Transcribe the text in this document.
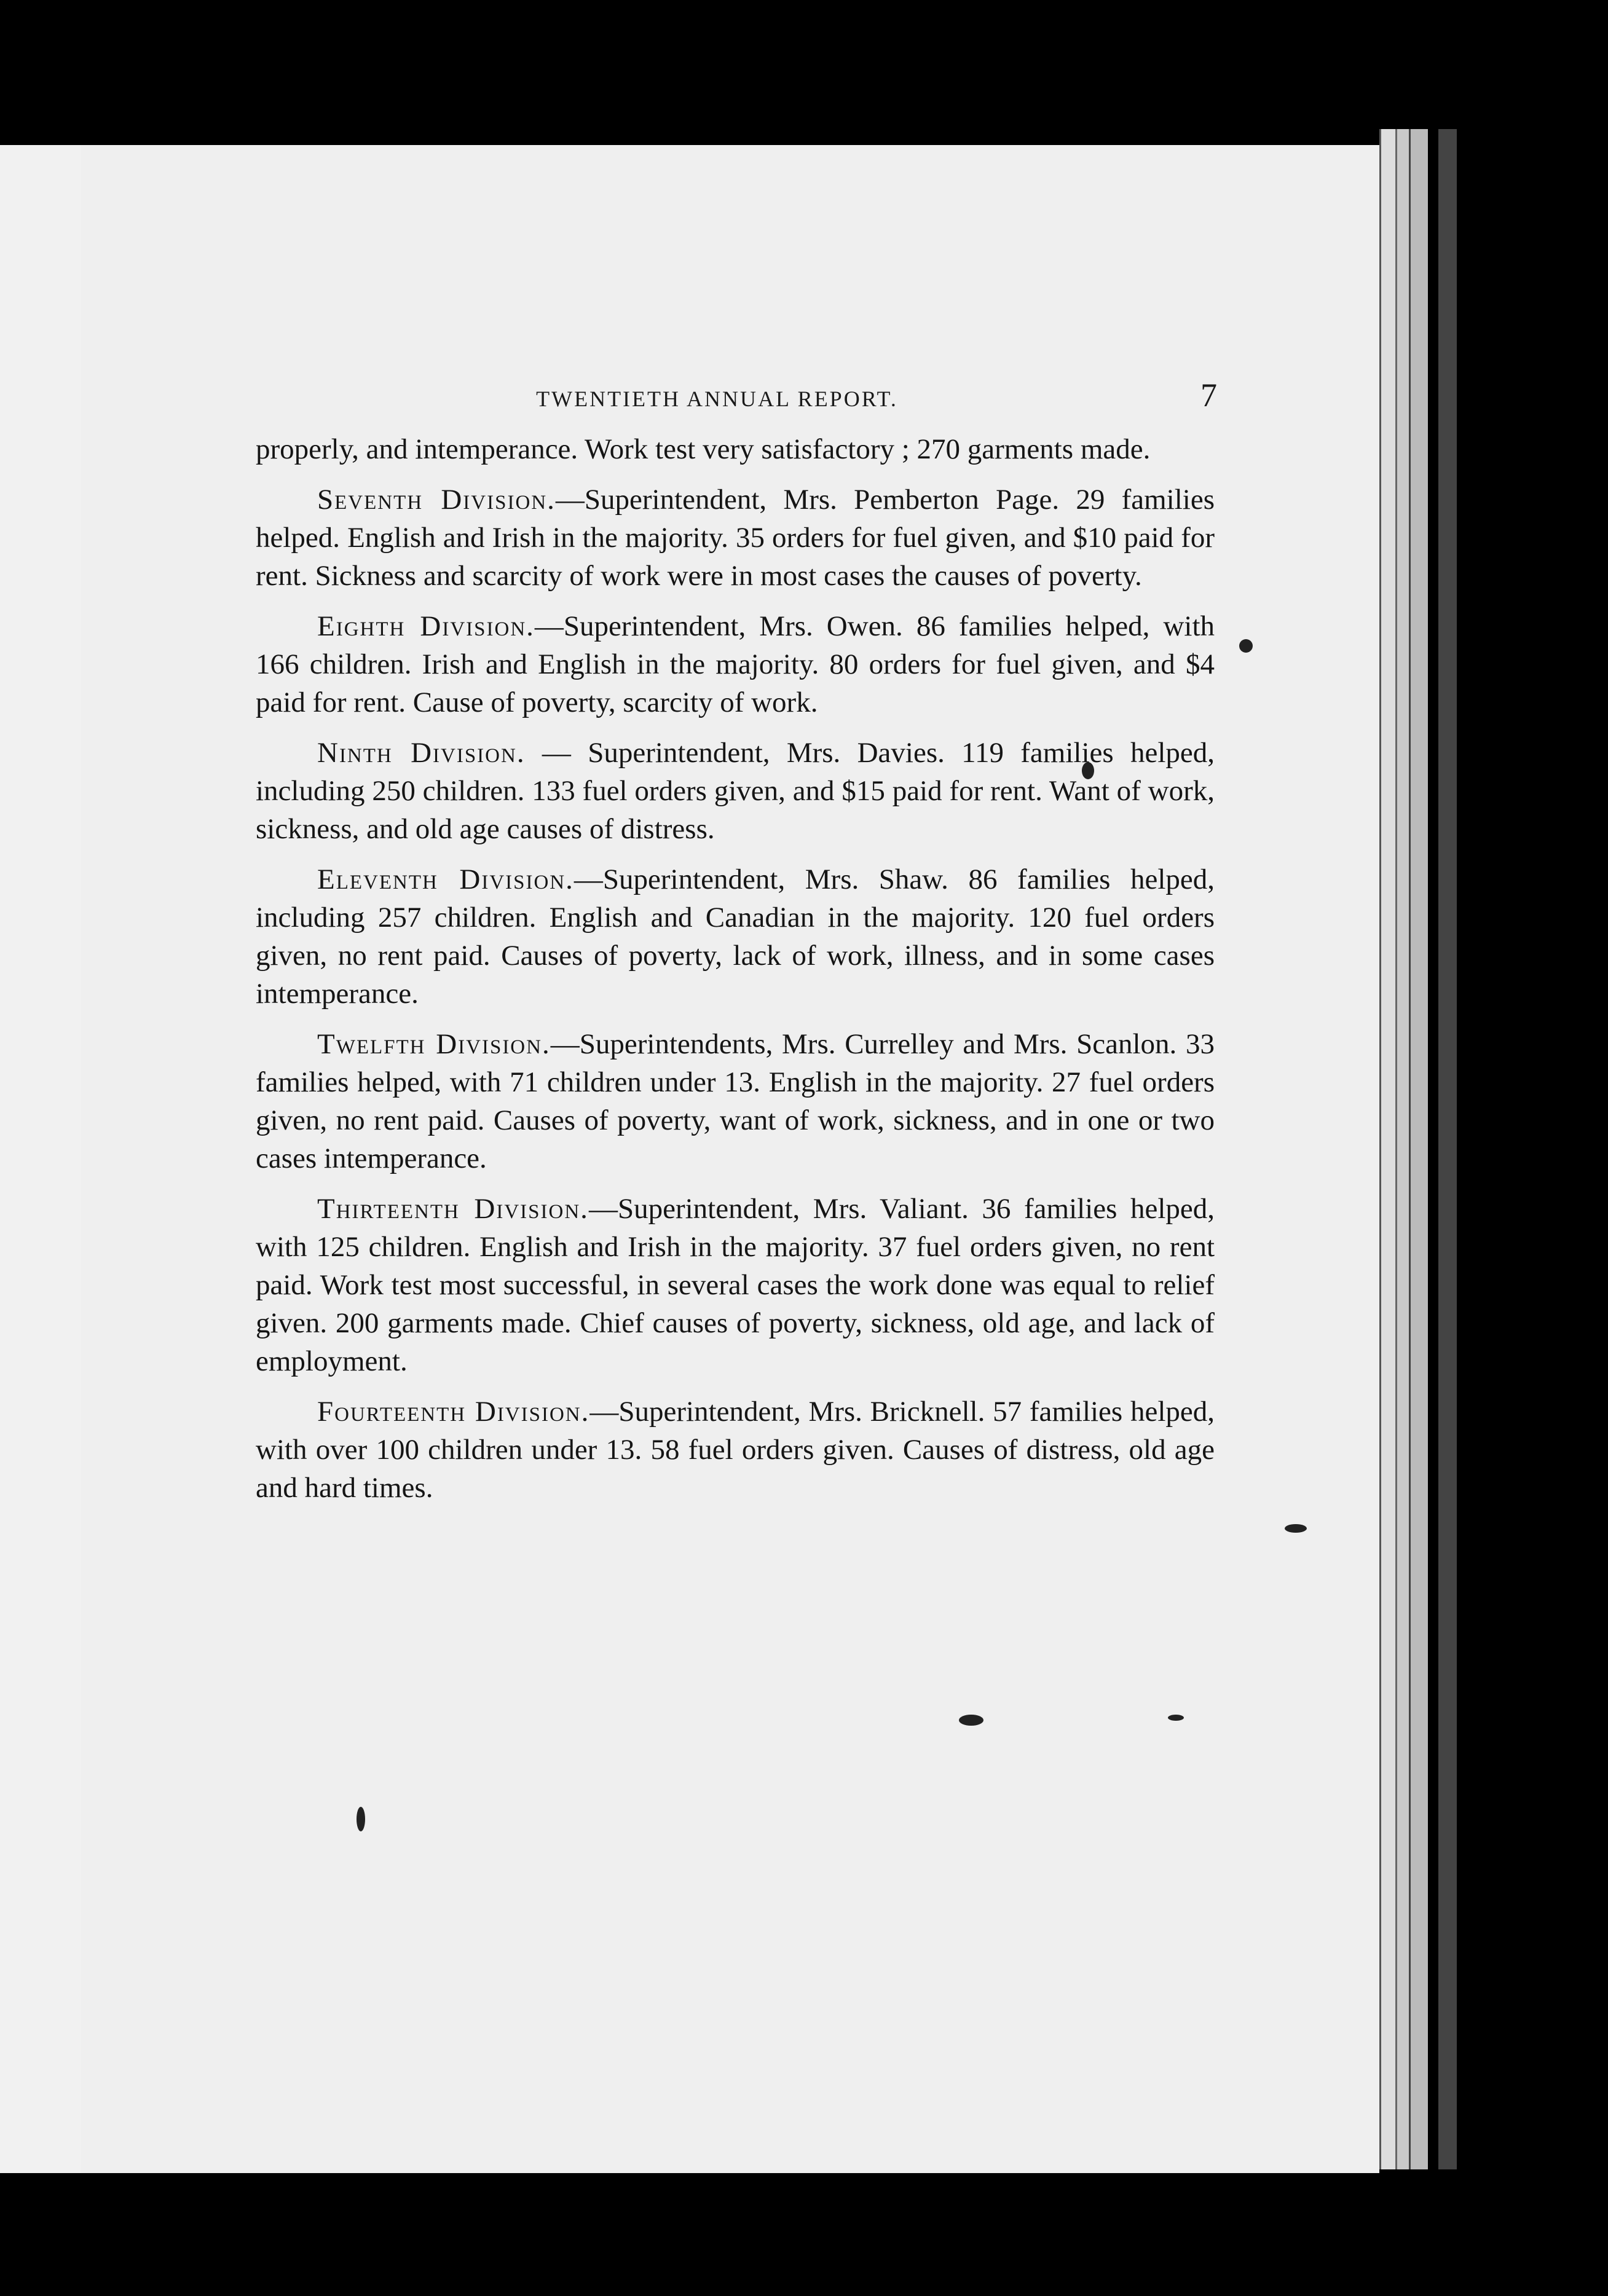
TWENTIETH ANNUAL REPORT.	7

properly, and intemperance. Work test very satisfactory ; 270 garments made.

Seventh Division.—Superintendent, Mrs. Pemberton Page. 29 families helped. English and Irish in the majority. 35 orders for fuel given, and $10 paid for rent. Sickness and scarcity of work were in most cases the causes of poverty.

Eighth Division.—Superintendent, Mrs. Owen. 86 families helped, with 166 children. Irish and English in the majority. 80 orders for fuel given, and $4 paid for rent. Cause of poverty, scarcity of work.

Ninth Division. — Superintendent, Mrs. Davies. 119 families helped, including 250 children. 133 fuel orders given, and $15 paid for rent. Want of work, sickness, and old age causes of distress.

Eleventh Division.—Superintendent, Mrs. Shaw. 86 families helped, including 257 children. English and Canadian in the majority. 120 fuel orders given, no rent paid. Causes of poverty, lack of work, illness, and in some cases intemperance.

Twelfth Division.—Superintendents, Mrs. Currelley and Mrs. Scanlon. 33 families helped, with 71 children under 13. English in the majority. 27 fuel orders given, no rent paid. Causes of poverty, want of work, sickness, and in one or two cases intemperance.

Thirteenth Division.—Superintendent, Mrs. Valiant. 36 families helped, with 125 children. English and Irish in the majority. 37 fuel orders given, no rent paid. Work test most successful, in several cases the work done was equal to relief given. 200 garments made. Chief causes of poverty, sickness, old age, and lack of employment.

Fourteenth Division.—Superintendent, Mrs. Bricknell. 57 families helped, with over 100 children under 13. 58 fuel orders given. Causes of distress, old age and hard times.
